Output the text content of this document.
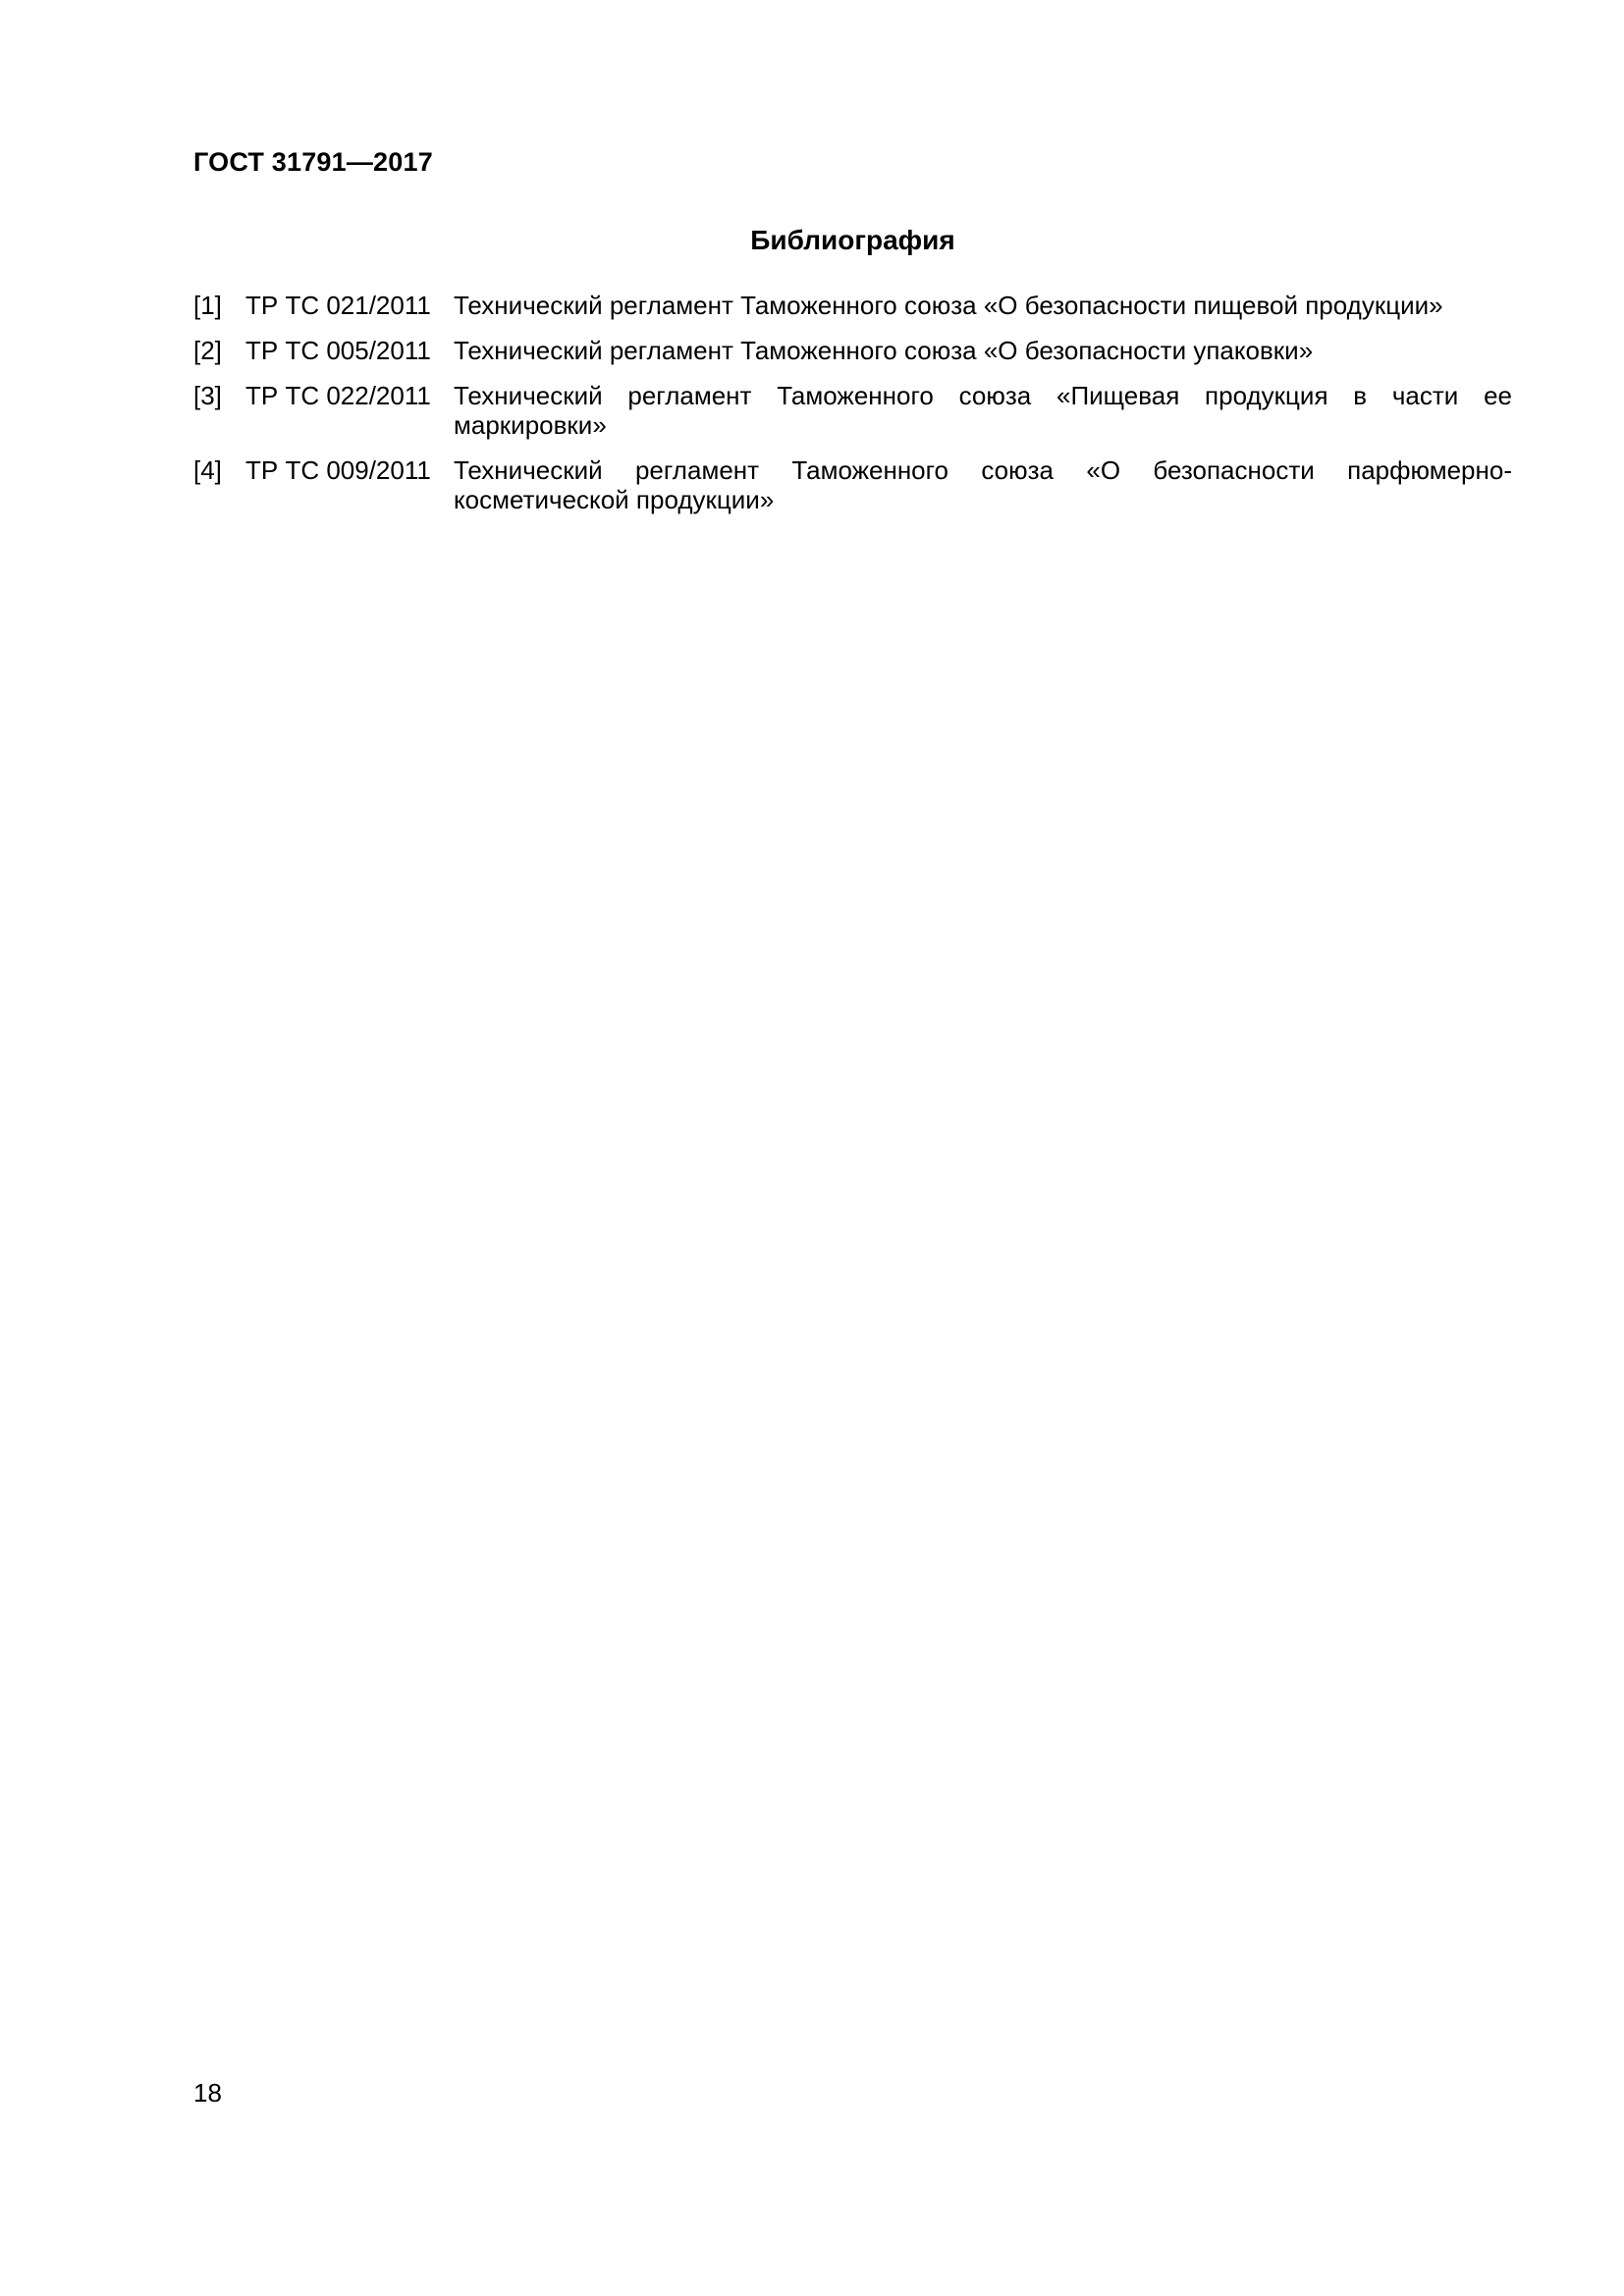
ГОСТ 31791—2017
Библиография
[1] ТР ТС 021/2011 Технический регламент Таможенного союза «О безопасности пищевой продукции»
[2] ТР ТС 005/2011 Технический регламент Таможенного союза «О безопасности упаковки»
[3] ТР ТС 022/2011 Технический регламент Таможенного союза «Пищевая продукция в части ее маркировки»
[4] ТР ТС 009/2011 Технический регламент Таможенного союза «О безопасности парфюмерно-косметической продукции»
18
